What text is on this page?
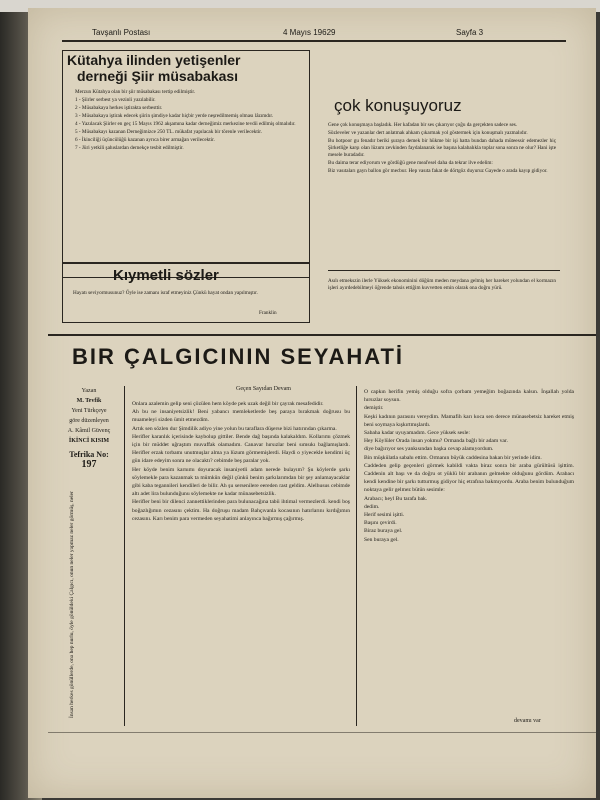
Tavşanlı Postası	4 Mayıs 19629	Sayfa 3
Kütahya ilinden yetişenler
derneği Şiir müsabakası

Merzun Kütahya olan bir şiir müsabakası tertip edilmiştir.

1 - Şiirler serbest ya vezinli yazılabilir.

2 - Müsabakaya herkes iştirakta serbesttir.

3 - Müsabakaya iştirak edecek şiirin şimdiye kadar hiçbir yerde neşredilmemiş olması lâzımdır.

4 - Yazılacak Şiirler en geç 15 Mayıs 1962 akşamına kadar derneğimiz merkezine tevdii edilmiş olmalıdır.

5 - Müsabakayı kazanan Derneğimizce 250 TL. mükafat yapılacak bir törenle verilecektir.

6 - İkinciliği üçüncülüğü kazanan ayrıca birer armağan verilecektir.

7 - Jüri yetkili şahıslardan dernekçe tesbit edilmiştir.

Kıymetli sözler
Hayatı seviyormusunuz? Öyle ise zamanı israf etmeyiniz Çünkü hayat ondan yapılmıştır.
Franklin
çok konuşuyoruz

Gene çok konuşmaya başladık. Her kafadan bir ses çıkarıyor çoğu da gerçekten sadece ses.

Sözleveler ve yazanlar dert anlatmak ahkam çıkarmak yol göstermek için konuşmalı yazmalıdır.

Bu hotpoor gu fenadır beriki şuraya demek bir hükme bir işi hatta bundan dahada müteessir edemezler hiç Şirketliğe karşı olan lüzum zevkinden faydalanarak ise başına kalabalıkla toplar sona sonra ne olur? Hani işte mesele buradadır.

Bu daima terar ediyorum ve gördüğü gene meal'esel daha da tekrar ilve edelim:

Biz vasıtaları gayn ballon gör mecbur. Hep vasıta fakat de dörtgöz duyuruz Gayede o arada kayıp gidiyor.

Asılı etmekszin ilerle Yüksek ekonominini döğüm meden meydana gelmiş her hareket yolundan el kormazın işleri ayırdedebilmeyi öğrende tahsis ettiğim kuvvetten emin olarak ona doğru yürü.
BIR ÇALGICININ SEYAHATİ
Yazan
M. Tevfik
Yeni Türkçeye
göre düzenleyen
A. Kâmil Güvenç
İKİNCİ KISIM
Tefrika No:
197
İnsan herkes gönüllerde, ona hep nurlu, öyle gönüldeki Çalgıcı, onun neler yapmaz neler görmüş, neler
Geçen Sayıdan Devam

Onlara azalemin gelip seni çözülen hem köyde pek uzak değil bir çayrak mesafedidir.

Ah bu ne insaniyetsizlik! Beni yabancı memleketlerde beş paraya bırakmak doğrusu bu muameleyi sizden ümit etmezdim.

Artık sen sözlen dur Şimdilik adiyo yine yolun bu taraflara düşerse bizi hatırından çıkarma.

Herifler karanlık içerisinde kaybolup gittiler. Bende dağ başında kalakaldım. Kollarımı çözmek için bir müddet uğraştım muvaffak olamadım. Canavar hırsızlar beni sımsıkı bağlamışlardı. Herifler erzak torbamı unutmuşlar alma ya lüzum görmemişlerdi. Haydi o yiyecekle kendimi üç gün idare edeyim sonra ne olacaktı? cebimde beş paralar yok.

Her köyde benim karnımı doyuracak insaniyetli adam nerede bulayım? Şu köylerde şarkı söylemekle para kazanmak ta mümkün değil çünkü benim şarkılarımdan bir şey anlamayacaklar gibi kaba tegannileri kendileri de bilir. Ah şu sersenilere eereden rast geldim. Alelhusus cebimde altı adet lira bulunduğunu söylemekte ne kadar münasebetsizlik.

Herifler beni bir dilenci zannettiklerinden para bulunacağına tabii ihtimal vermezlerdi. kendi boş boğazlığımın cezasını çektim. Ha doğruşu madam Bahçıvanla kocasının hatırlarını kırdığımın cezasını. Karı benim para vermeden seyahatimi anlayınca bağırmış çağırmış.

O capkın herifin yemiş olduğu sofra çorbam yemeğim boğazında kalsın. İnşallah yolda hırsızlar soysun.

demiştir.

Keşki kadının parasını vereydim. Mamafih karı koca sen derece münasebetsiz hareket etmiş beni soymaya kışkırtmışlardı.

Sabaha kadar uyuyamadım. Gece yüksek sesle:

Hey Köylüler Orada insan yokmu? Ormanda bağlı bir adam var.

diye bağırıyor ses yankısından başka cevap alamıyordum.

Bin müşkülatla sabahı ettim. Ormanın büyük caddesina bakan bir yerinde idim.

Caddeden gelip geçenleri görmek kabildi vakta biraz sonra bir araba gürültüsü işittim. Caddenin alt başı ve da doğru ot yüklü bir arabanın gelmekte olduğunu gördüm. Arabacı kendi kendine bir şarkı tutturmuş gidiyor hiç etrafına bakmıyordu. Araba benim bulunduğum noktaya gelir gelmez bütün sesimle:

Arabacı; heyl Bu tarafa bak.

dedim.

Herif sesimi işitti.

Başını çevirdi.

Biraz buraya gel.

Sen buraya gel.

devamı var
